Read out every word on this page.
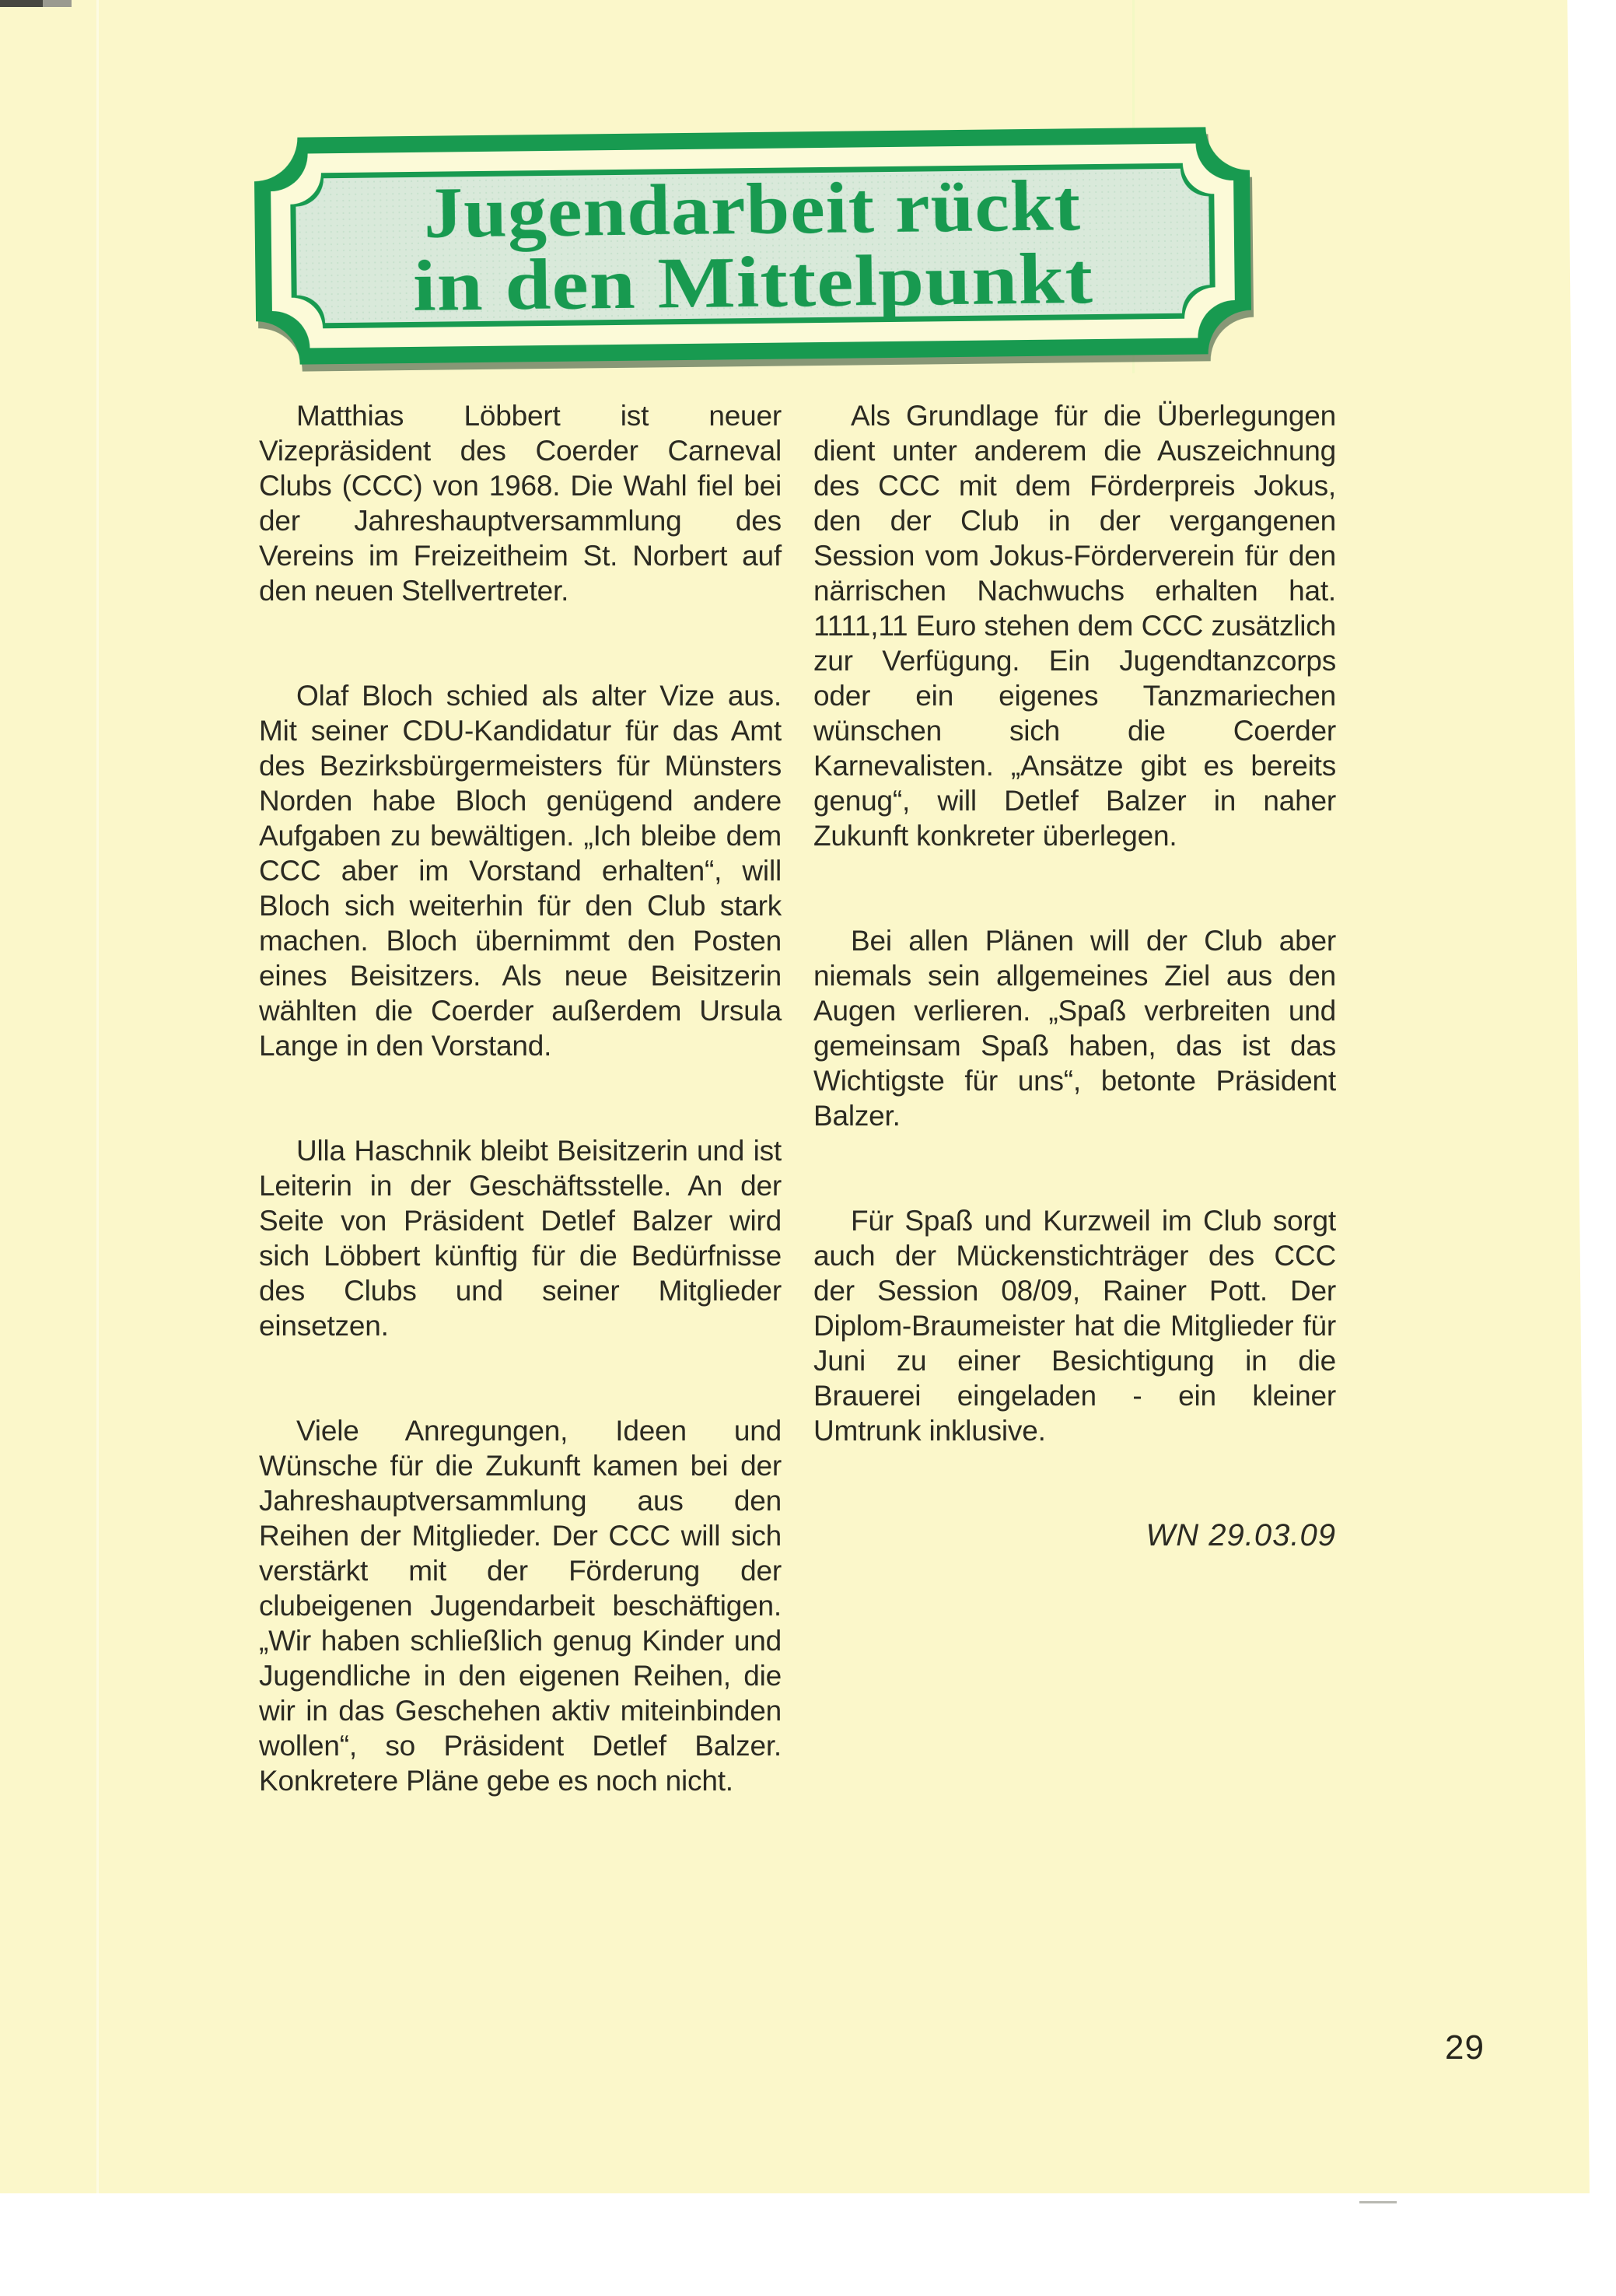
Jugendarbeit rückt
in den Mittelpunkt

Matthias Löbbert ist neuer Vizepräsident des Coerder Carneval Clubs (CCC) von 1968. Die Wahl fiel bei der Jahreshauptversammlung des Vereins im Freizeitheim St. Norbert auf den neuen Stellvertreter.

Olaf Bloch schied als alter Vize aus. Mit seiner CDU-Kandidatur für das Amt des Bezirksbürgermeisters für Münsters Norden habe Bloch genügend andere Aufgaben zu bewältigen. „Ich bleibe dem CCC aber im Vorstand erhalten“, will Bloch sich weiterhin für den Club stark machen. Bloch übernimmt den Posten eines Beisitzers. Als neue Beisitzerin wählten die Coerder außerdem Ursula Lange in den Vorstand.

Ulla Haschnik bleibt Beisitzerin und ist Leiterin in der Geschäftsstelle. An der Seite von Präsident Detlef Balzer wird sich Löbbert künftig für die Bedürfnisse des Clubs und seiner Mitglieder einsetzen.

Viele Anregungen, Ideen und Wünsche für die Zukunft kamen bei der Jahreshauptversammlung aus den Reihen der Mitglieder. Der CCC will sich verstärkt mit der Förderung der clubeigenen Jugendarbeit beschäftigen. „Wir haben schließlich genug Kinder und Jugendliche in den eigenen Reihen, die wir in das Geschehen aktiv miteinbinden wollen“, so Präsident Detlef Balzer. Konkretere Pläne gebe es noch nicht.

Als Grundlage für die Überlegungen dient unter anderem die Auszeichnung des CCC mit dem Förderpreis Jokus, den der Club in der vergangenen Session vom Jokus-Förderverein für den närrischen Nachwuchs erhalten hat. 1111,11 Euro stehen dem CCC zusätzlich zur Verfügung. Ein Jugendtanzcorps oder ein eigenes Tanzmariechen wünschen sich die Coerder Karnevalisten. „Ansätze gibt es bereits genug“, will Detlef Balzer in naher Zukunft konkreter überlegen.

Bei allen Plänen will der Club aber niemals sein allgemeines Ziel aus den Augen verlieren. „Spaß verbreiten und gemeinsam Spaß haben, das ist das Wichtigste für uns“, betonte Präsident Balzer.

Für Spaß und Kurzweil im Club sorgt auch der Mückenstichträger des CCC der Session 08/09, Rainer Pott. Der Diplom-Braumeister hat die Mitglieder für Juni zu einer Besichtigung in die Brauerei eingeladen - ein kleiner Umtrunk inklusive.

WN 29.03.09
29
